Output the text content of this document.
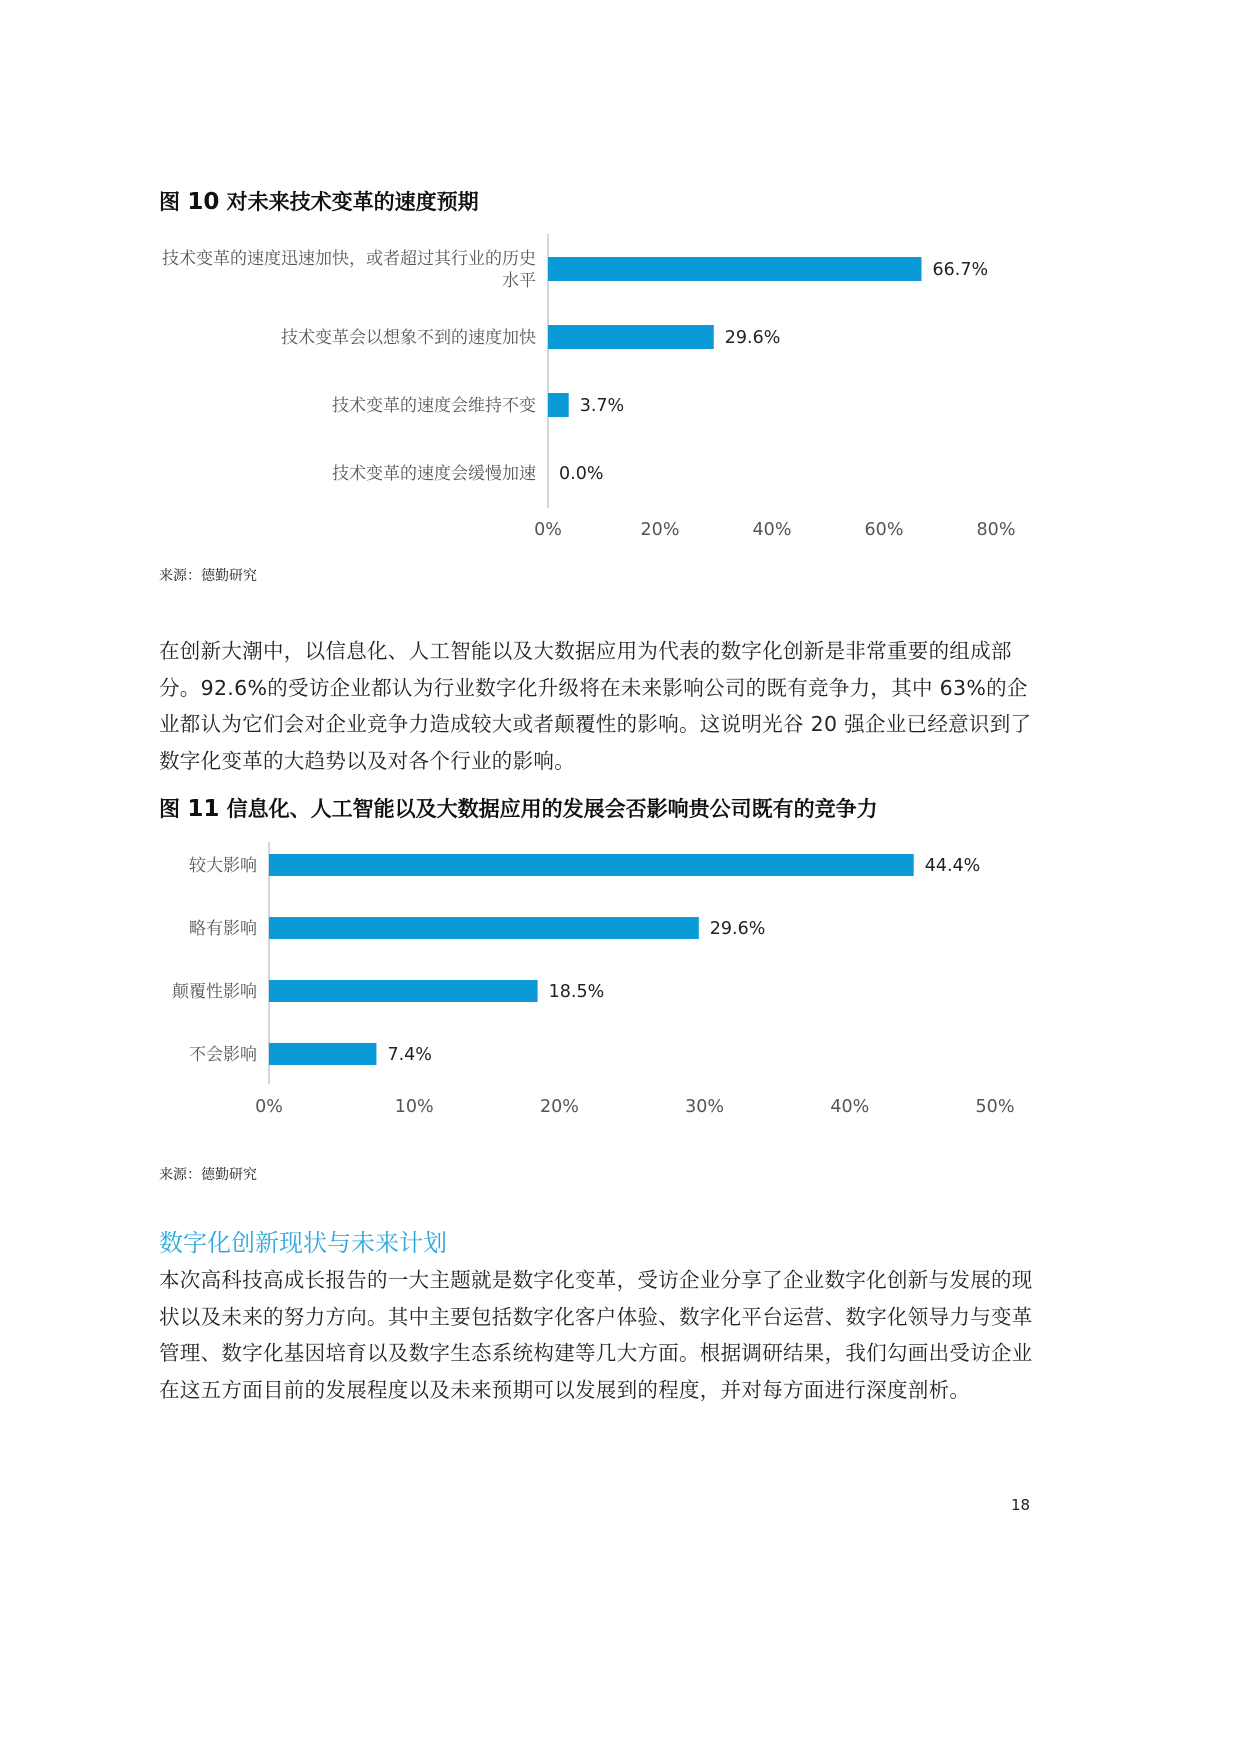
图 10 对未来技术变革的速度预期
66.7%
技术变革的速度迅速加快，或者超过其行业的历史
水平
29.6%
技术变革会以想象不到的速度加快
3.7%
技术变革的速度会维持不变
0.0%
技术变革的速度会缓慢加速
0%	20%	40%	60%	80%
来源：德勤研究
在创新大潮中，以信息化、人工智能以及大数据应用为代表的数字化创新是非常重要的组成部分。92.6%的受访企业都认为行业数字化升级将在未来影响公司的既有竞争力，其中 63%的企业都认为它们会对企业竞争力造成较大或者颠覆性的影响。这说明光谷 20 强企业已经意识到了数字化变革的大趋势以及对各个行业的影响。
图 11 信息化、人工智能以及大数据应用的发展会否影响贵公司既有的竞争力
44.4%
较大影响
29.6%
略有影响
18.5%
颠覆性影响
7.4%
不会影响
0%	10%	20%	30%	40%	50%
来源：德勤研究
数字化创新现状与未来计划
本次高科技高成长报告的一大主题就是数字化变革，受访企业分享了企业数字化创新与发展的现状以及未来的努力方向。其中主要包括数字化客户体验、数字化平台运营、数字化领导力与变革管理、数字化基因培育以及数字生态系统构建等几大方面。根据调研结果，我们勾画出受访企业在这五方面目前的发展程度以及未来预期可以发展到的程度，并对每方面进行深度剖析。
18
